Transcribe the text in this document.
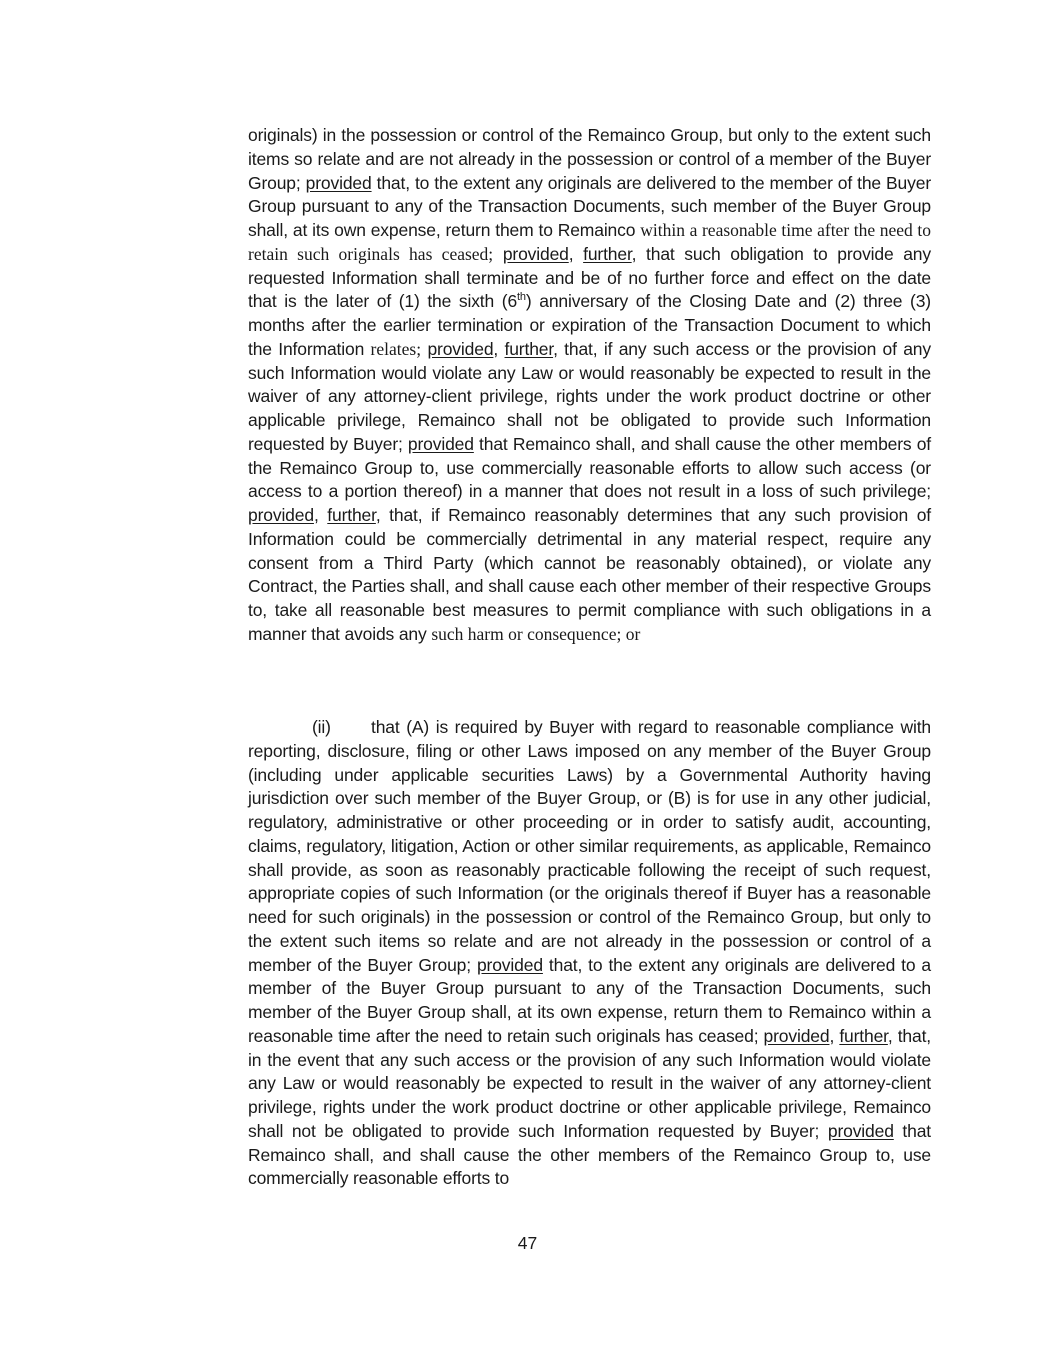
originals) in the possession or control of the Remainco Group, but only to the extent such items so relate and are not already in the possession or control of a member of the Buyer Group; provided that, to the extent any originals are delivered to the member of the Buyer Group pursuant to any of the Transaction Documents, such member of the Buyer Group shall, at its own expense, return them to Remainco within a reasonable time after the need to retain such originals has ceased; provided, further, that such obligation to provide any requested Information shall terminate and be of no further force and effect on the date that is the later of (1) the sixth (6th) anniversary of the Closing Date and (2) three (3) months after the earlier termination or expiration of the Transaction Document to which the Information relates; provided, further, that, if any such access or the provision of any such Information would violate any Law or would reasonably be expected to result in the waiver of any attorney-client privilege, rights under the work product doctrine or other applicable privilege, Remainco shall not be obligated to provide such Information requested by Buyer; provided that Remainco shall, and shall cause the other members of the Remainco Group to, use commercially reasonable efforts to allow such access (or access to a portion thereof) in a manner that does not result in a loss of such privilege; provided, further, that, if Remainco reasonably determines that any such provision of Information could be commercially detrimental in any material respect, require any consent from a Third Party (which cannot be reasonably obtained), or violate any Contract, the Parties shall, and shall cause each other member of their respective Groups to, take all reasonable best measures to permit compliance with such obligations in a manner that avoids any such harm or consequence; or

(ii) that (A) is required by Buyer with regard to reasonable compliance with reporting, disclosure, filing or other Laws imposed on any member of the Buyer Group (including under applicable securities Laws) by a Governmental Authority having jurisdiction over such member of the Buyer Group, or (B) is for use in any other judicial, regulatory, administrative or other proceeding or in order to satisfy audit, accounting, claims, regulatory, litigation, Action or other similar requirements, as applicable, Remainco shall provide, as soon as reasonably practicable following the receipt of such request, appropriate copies of such Information (or the originals thereof if Buyer has a reasonable need for such originals) in the possession or control of the Remainco Group, but only to the extent such items so relate and are not already in the possession or control of a member of the Buyer Group; provided that, to the extent any originals are delivered to a member of the Buyer Group pursuant to any of the Transaction Documents, such member of the Buyer Group shall, at its own expense, return them to Remainco within a reasonable time after the need to retain such originals has ceased; provided, further, that, in the event that any such access or the provision of any such Information would violate any Law or would reasonably be expected to result in the waiver of any attorney-client privilege, rights under the work product doctrine or other applicable privilege, Remainco shall not be obligated to provide such Information requested by Buyer; provided that Remainco shall, and shall cause the other members of the Remainco Group to, use commercially reasonable efforts to

47
